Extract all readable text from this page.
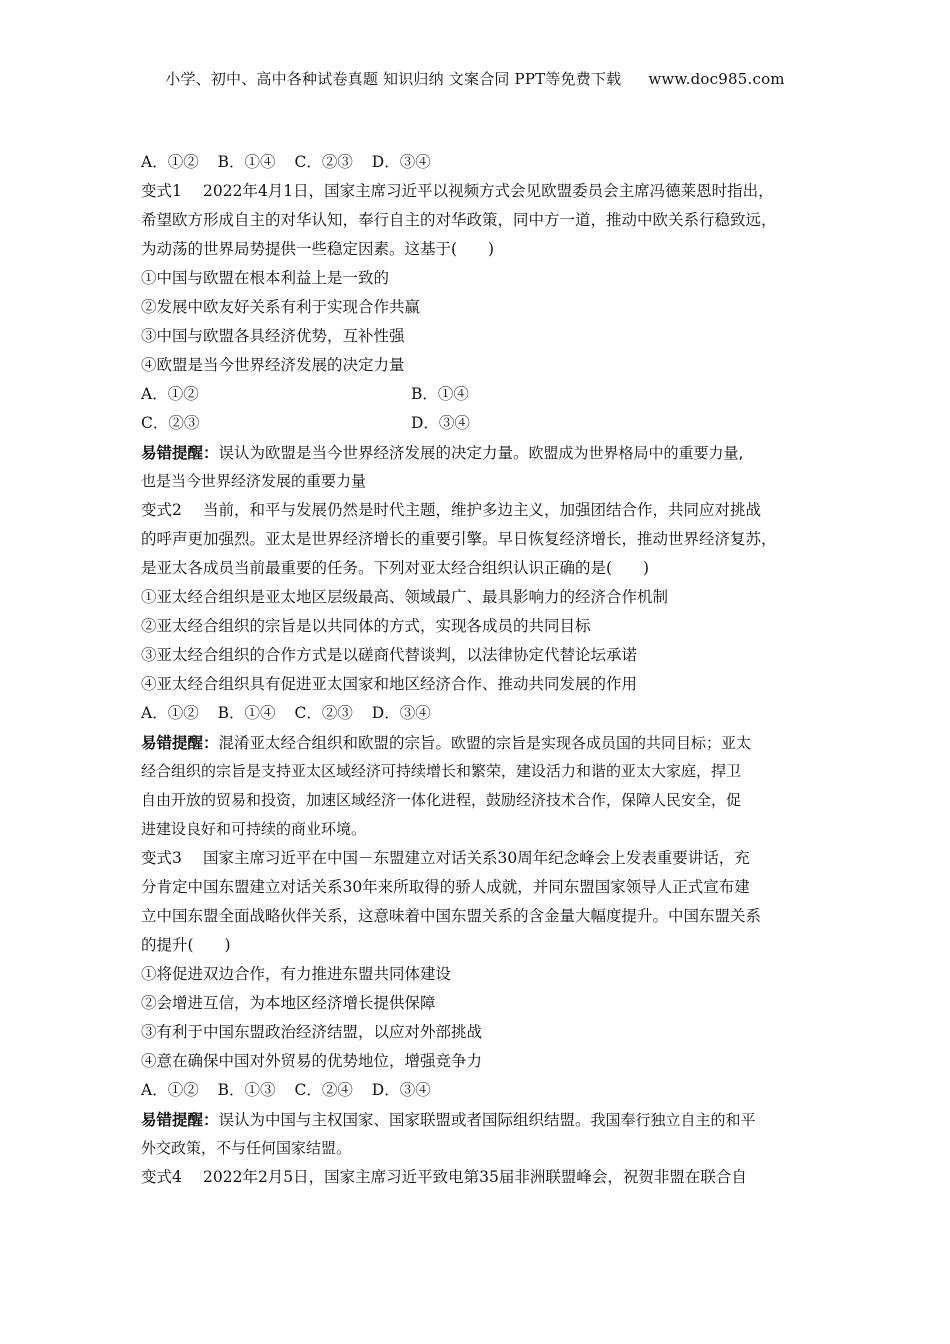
小学、初中、高中各种试卷真题 知识归纳 文案合同 PPT等免费下载 www.doc985.com
A．①② B．①④ C．②③ D．③④
变式1 2022年4月1日，国家主席习近平以视频方式会见欧盟委员会主席冯德莱恩时指出，
希望欧方形成自主的对华认知，奉行自主的对华政策，同中方一道，推动中欧关系行稳致远，
为动荡的世界局势提供一些稳定因素。这基于(　　)
①中国与欧盟在根本利益上是一致的
②发展中欧友好关系有利于实现合作共赢
③中国与欧盟各具经济优势，互补性强
④欧盟是当今世界经济发展的决定力量
A．①②	B．①④
C．②③	D．③④
易错提醒：误认为欧盟是当今世界经济发展的决定力量。欧盟成为世界格局中的重要力量,
也是当今世界经济发展的重要力量
变式2 当前，和平与发展仍然是时代主题，维护多边主义，加强团结合作，共同应对挑战
的呼声更加强烈。亚太是世界经济增长的重要引擎。早日恢复经济增长，推动世界经济复苏，
是亚太各成员当前最重要的任务。下列对亚太经合组织认识正确的是(　　)
①亚太经合组织是亚太地区层级最高、领域最广、最具影响力的经济合作机制
②亚太经合组织的宗旨是以共同体的方式，实现各成员的共同目标
③亚太经合组织的合作方式是以磋商代替谈判，以法律协定代替论坛承诺
④亚太经合组织具有促进亚太国家和地区经济合作、推动共同发展的作用
A．①② B．①④ C．②③ D．③④
易错提醒：混淆亚太经合组织和欧盟的宗旨。欧盟的宗旨是实现各成员国的共同目标；亚太
经合组织的宗旨是支持亚太区域经济可持续增长和繁荣，建设活力和谐的亚太大家庭，捍卫
自由开放的贸易和投资，加速区域经济一体化进程，鼓励经济技术合作，保障人民安全，促
进建设良好和可持续的商业环境。
变式3 国家主席习近平在中国－东盟建立对话关系30周年纪念峰会上发表重要讲话，充
分肯定中国东盟建立对话关系30年来所取得的骄人成就，并同东盟国家领导人正式宣布建
立中国东盟全面战略伙伴关系，这意味着中国东盟关系的含金量大幅度提升。中国东盟关系
的提升(　　)
①将促进双边合作，有力推进东盟共同体建设
②会增进互信，为本地区经济增长提供保障
③有利于中国东盟政治经济结盟，以应对外部挑战
④意在确保中国对外贸易的优势地位，增强竞争力
A．①② B．①③ C．②④ D．③④
易错提醒：误认为中国与主权国家、国家联盟或者国际组织结盟。我国奉行独立自主的和平
外交政策，不与任何国家结盟。
变式4 2022年2月5日，国家主席习近平致电第35届非洲联盟峰会，祝贺非盟在联合自
